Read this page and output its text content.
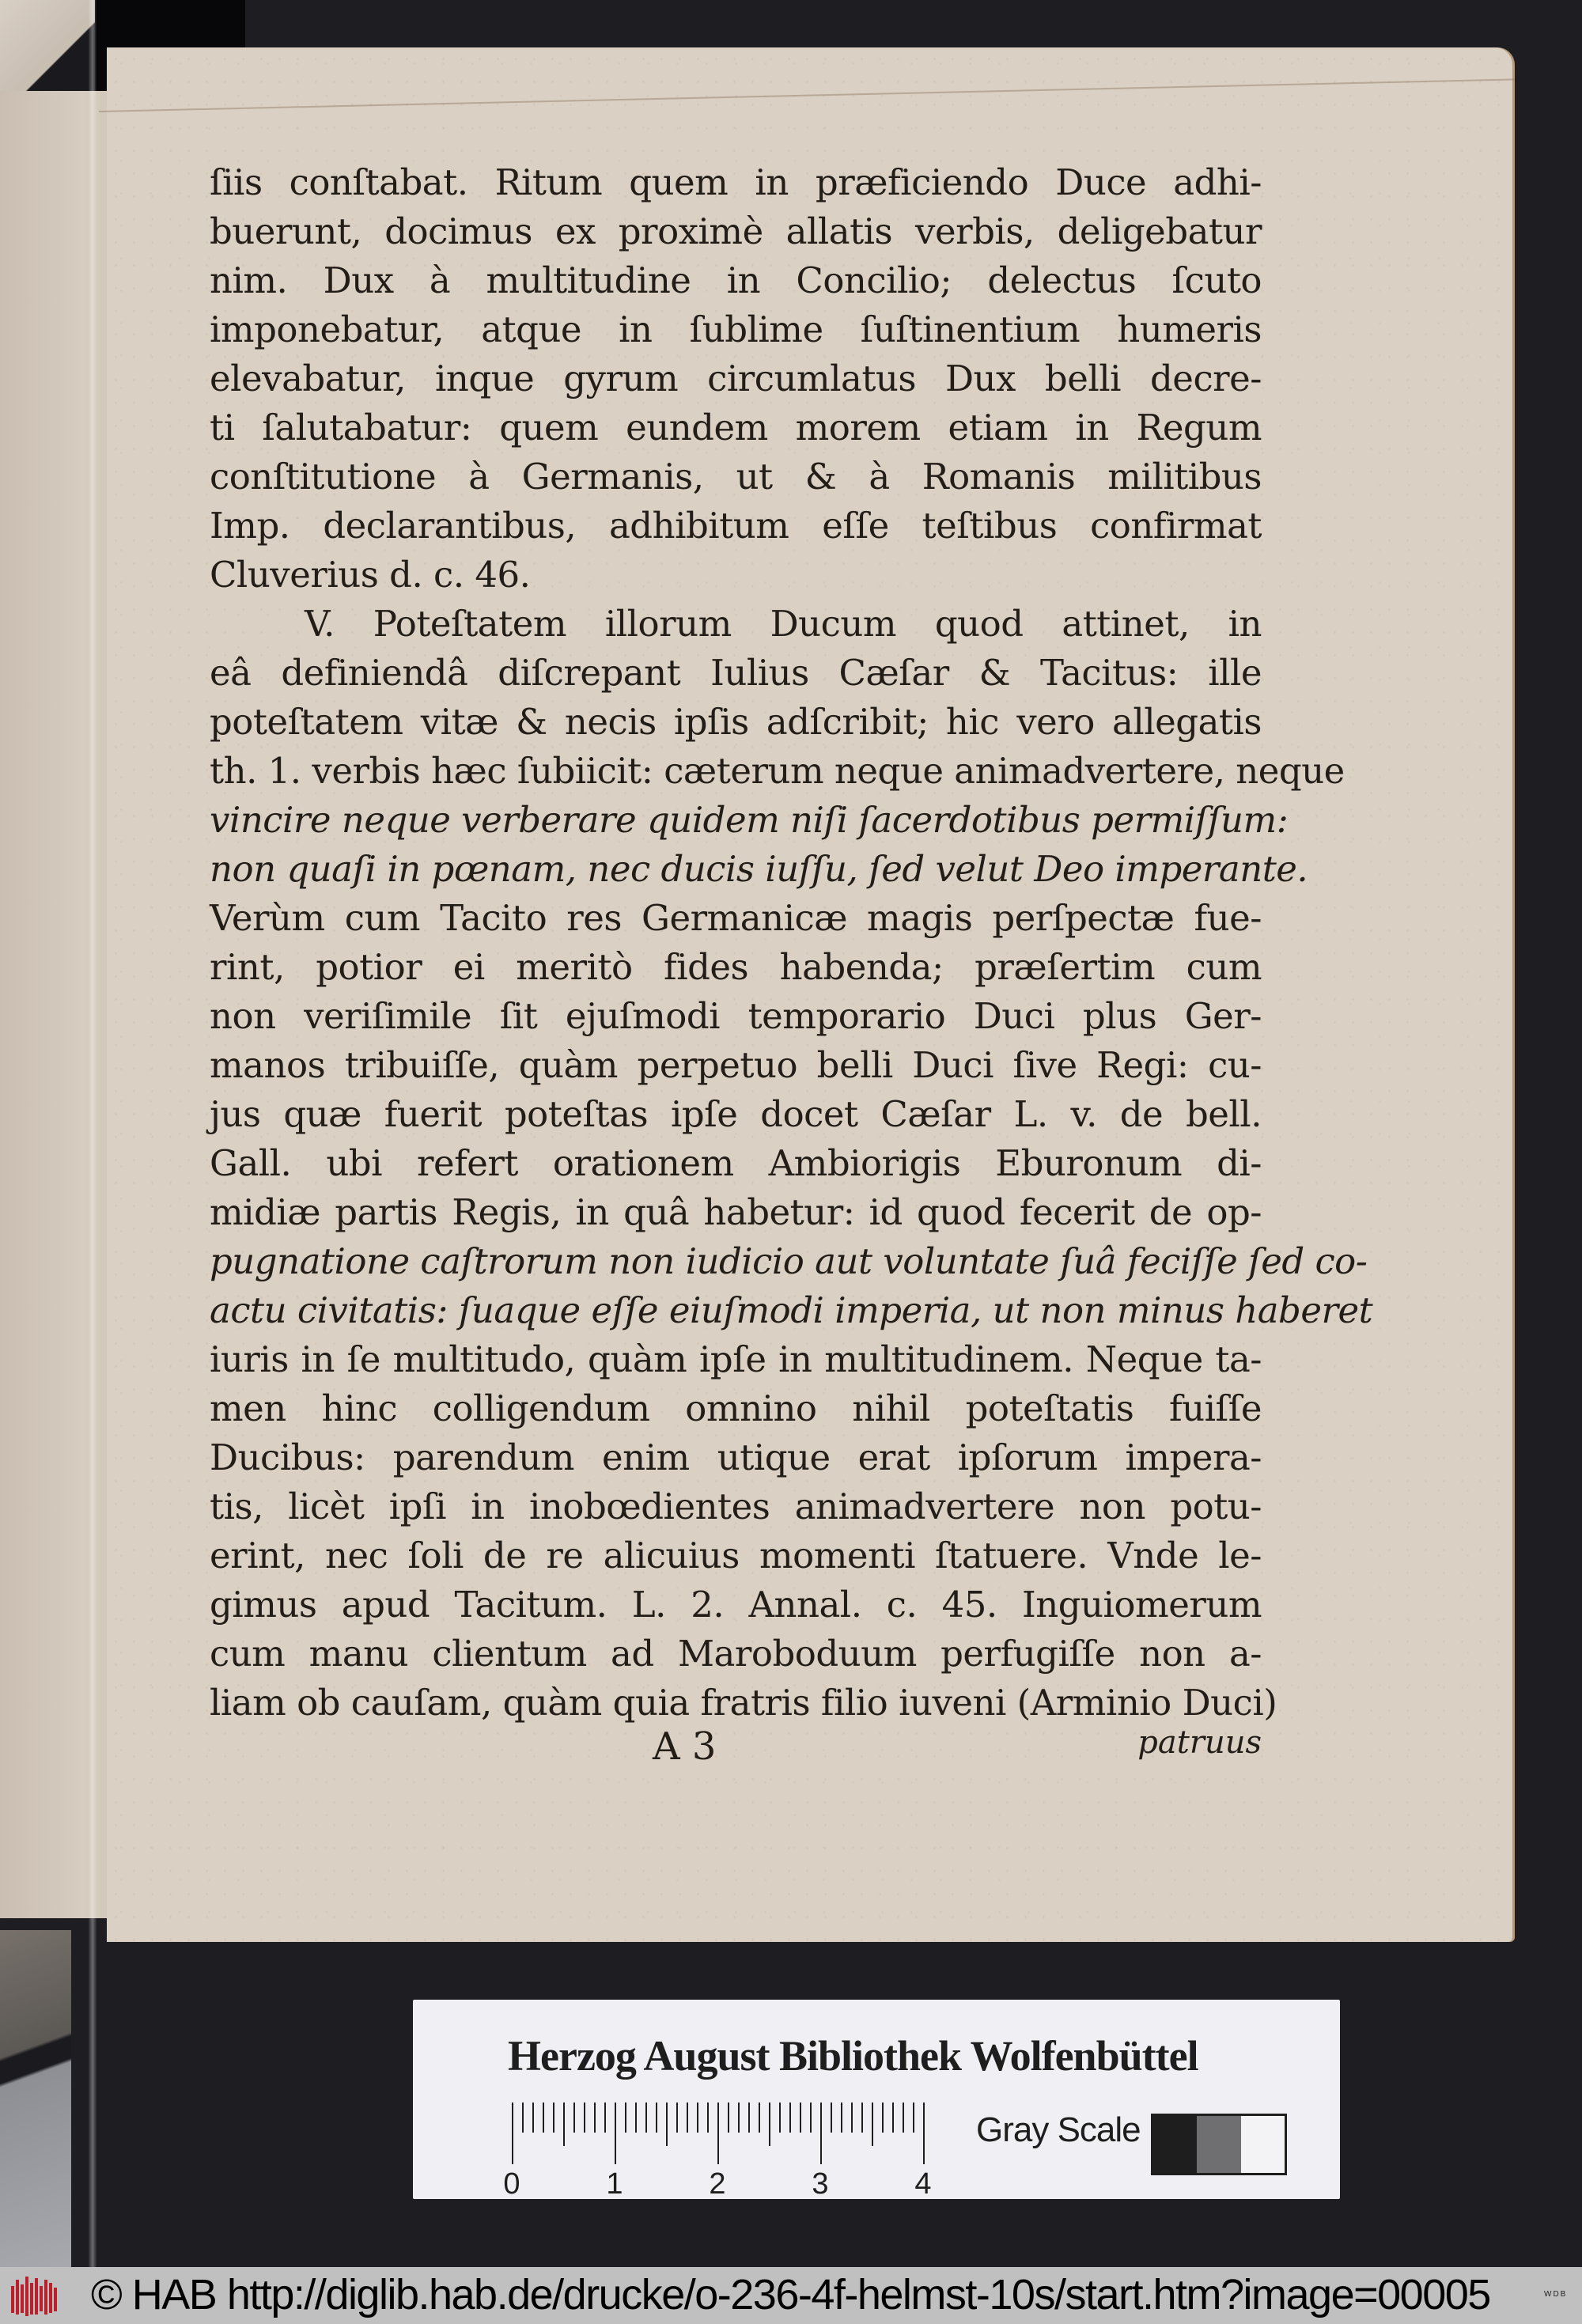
ſiis conſtabat. Ritum quem in præficiendo Duce adhi-
buerunt, docimus ex proximè allatis verbis, deligebatur
nim. Dux à multitudine in Concilio; delectus ſcuto
imponebatur, atque in ſublime ſuſtinentium humeris
elevabatur, inque gyrum circumlatus Dux belli decre-
ti ſalutabatur: quem eundem morem etiam in Regum
conſtitutione à Germanis, ut & à Romanis militibus
Imp. declarantibus, adhibitum eſſe teſtibus confirmat
Cluverius d. c. 46.
V. Poteſtatem illorum Ducum quod attinet, in
eâ definiendâ diſcrepant Iulius Cæſar & Tacitus: ille
poteſtatem vitæ & necis ipſis adſcribit; hic vero allegatis
th. 1. verbis hæc ſubiicit: cæterum neque animadvertere, neque
vincire neque verberare quidem niſi ſacerdotibus permiſſum:
non quaſi in pœnam, nec ducis iuſſu, ſed velut Deo imperante.
Verùm cum Tacito res Germanicæ magis perſpectæ fue-
rint, potior ei meritò fides habenda; præſertim cum
non veriſimile ſit ejuſmodi temporario Duci plus Ger-
manos tribuiſſe, quàm perpetuo belli Duci ſive Regi: cu-
jus quæ fuerit poteſtas ipſe docet Cæſar L. v. de bell.
Gall. ubi refert orationem Ambiorigis Eburonum di-
midiæ partis Regis, in quâ habetur: id quod fecerit de op-
pugnatione caſtrorum non iudicio aut voluntate ſuâ feciſſe ſed co-
actu civitatis: ſuaque eſſe eiuſmodi imperia, ut non minus haberet
iuris in ſe multitudo, quàm ipſe in multitudinem. Neque ta-
men hinc colligendum omnino nihil poteſtatis fuiſſe
Ducibus: parendum enim utique erat ipſorum impera-
tis, licèt ipſi in inobœdientes animadvertere non potu-
erint, nec ſoli de re alicuius momenti ſtatuere. Vnde le-
gimus apud Tacitum. L. 2. Annal. c. 45. Inguiomerum
cum manu clientum ad Maroboduum perfugiſſe non a-
liam ob cauſam, quàm quia fratris filio iuveni (Arminio Duci)
A 3	patruus
Herzog August Bibliothek Wolfenbüttel
0	1	2	3	4
Gray Scale
© HAB http://diglib.hab.de/drucke/o-236-4f-helmst-10s/start.htm?image=00005	WDB
